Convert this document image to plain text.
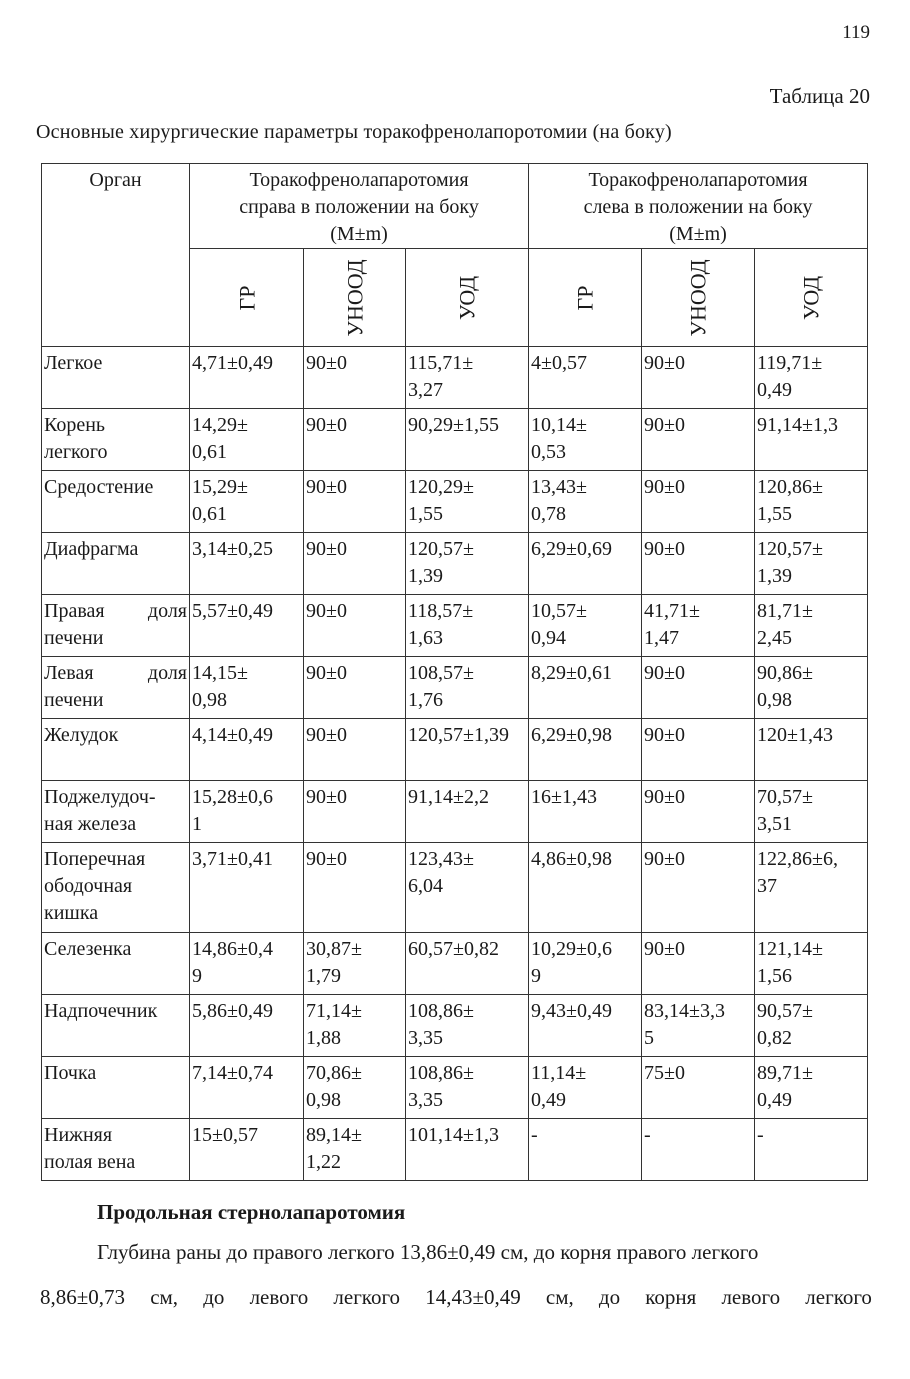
119
Таблица 20
Основные хирургические параметры торакофренолапоротомии (на боку)
Орган	Торакофренолапаротомия
справа в положении на боку
(M±m)			Торакофренолапаротомия
слева в положении на боку
(M±m)		

	ГР	УНООД	УОД	ГР	УНООД	УОД

Легкое	4,71±0,49	90±0	115,71±
3,27	4±0,57	90±0	119,71±
0,49

Корень
легкого	14,29±
0,61	90±0	90,29±1,55	10,14±
0,53	90±0	91,14±1,3

Средостение	15,29±
0,61	90±0	120,29±
1,55	13,43±
0,78	90±0	120,86±
1,55

Диафрагма	3,14±0,25	90±0	120,57±
1,39	6,29±0,69	90±0	120,57±
1,39

Правая доля
печени	5,57±0,49	90±0	118,57±
1,63	10,57±
0,94	41,71±
1,47	81,71±
2,45

Левая доля
печени	14,15±
0,98	90±0	108,57±
1,76	8,29±0,61	90±0	90,86±
0,98

Желудок	4,14±0,49	90±0	120,57±1,39	6,29±0,98	90±0	120±1,43

Поджелудоч-
ная железа	15,28±0,6
1	90±0	91,14±2,2	16±1,43	90±0	70,57±
3,51

Поперечная
ободочная
кишка	3,71±0,41	90±0	123,43±
6,04	4,86±0,98	90±0	122,86±6,
37

Селезенка	14,86±0,4
9	30,87±
1,79	60,57±0,82	10,29±0,6
9	90±0	121,14±
1,56

Надпочечник	5,86±0,49	71,14±
1,88	108,86±
3,35	9,43±0,49	83,14±3,3
5	90,57±
0,82

Почка	7,14±0,74	70,86±
0,98	108,86±
3,35	11,14±
0,49	75±0	89,71±
0,49

Нижняя
полая вена	15±0,57	89,14±
1,22	101,14±1,3	-	-	-
Продольная стернолапаротомия
Глубина раны до правого легкого 13,86±0,49 см, до корня правого легкого
8,86±0,73 см, до левого легкого 14,43±0,49 см, до корня левого легкого
